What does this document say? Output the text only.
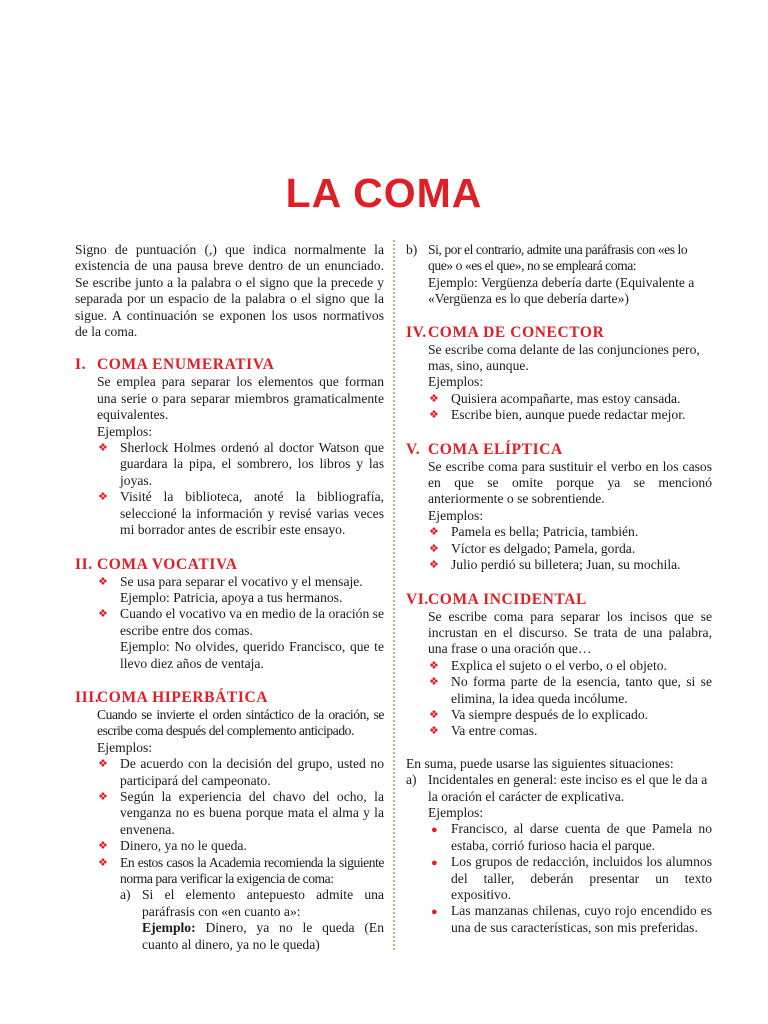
LA COMA

Signo de puntuación (,) que indica normalmente la existencia de una pausa breve dentro de un enunciado. Se escribe junto a la palabra o el signo que la precede y separada por un espacio de la palabra o el signo que la sigue. A continuación se exponen los usos normativos de la coma.

I. COMA ENUMERATIVA

Se emplea para separar los elementos que forman una serie o para separar miembros gramaticalmente equivalentes.

Ejemplos:

❖ Sherlock Holmes ordenó al doctor Watson que guardara la pipa, el sombrero, los libros y las joyas.
❖ Visité la biblioteca, anoté la bibliografía, seleccioné la información y revisé varias veces mi borrador antes de escribir este ensayo.
II. COMA VOCATIVA
❖ Se usa para separar el vocativo y el mensaje.
Ejemplo: Patricia, apoya a tus hermanos.
❖ Cuando el vocativo va en medio de la oración se escribe entre dos comas.
Ejemplo: No olvides, querido Francisco, que te llevo diez años de ventaja.
III.COMA HIPERBÁTICA

Cuando se invierte el orden sintáctico de la oración, se escribe coma después del complemento anticipado.

Ejemplos:

❖ De acuerdo con la decisión del grupo, usted no participará del campeonato.
❖ Según la experiencia del chavo del ocho, la venganza no es buena porque mata el alma y la envenena.
❖ Dinero, ya no le queda.
❖ En estos casos la Academia recomienda la siguiente norma para verificar la exigencia de coma:
a) Si el elemento antepuesto admite una paráfrasis con «en cuanto a»:
Ejemplo: Dinero, ya no le queda (En cuanto al dinero, ya no le queda)
b) Si, por el contrario, admite una paráfrasis con «es lo que» o «es el que», no se empleará coma:
Ejemplo: Vergüenza debería darte (Equivalente a «Vergüenza es lo que debería darte»)
IV.COMA DE CONECTOR

Se escribe coma delante de las conjunciones pero, mas, sino, aunque.

Ejemplos:

❖ Quisiera acompañarte, mas estoy cansada.
❖ Escribe bien, aunque puede redactar mejor.
V. COMA ELÍPTICA

Se escribe coma para sustituir el verbo en los casos en que se omite porque ya se mencionó anteriormente o se sobrentiende.

Ejemplos:

❖ Pamela es bella; Patricia, también.
❖ Víctor es delgado; Pamela, gorda.
❖ Julio perdió su billetera; Juan, su mochila.
VI.COMA INCIDENTAL

Se escribe coma para separar los incisos que se incrustan en el discurso. Se trata de una palabra, una frase o una oración que…

❖ Explica el sujeto o el verbo, o el objeto.
❖ No forma parte de la esencia, tanto que, si se elimina, la idea queda incólume.
❖ Va siempre después de lo explicado.
❖ Va entre comas.

En suma, puede usarse las siguientes situaciones:

a) Incidentales en general: este inciso es el que le da a la oración el carácter de explicativa.
Ejemplos:
● Francisco, al darse cuenta de que Pamela no estaba, corrió furioso hacia el parque.
● Los grupos de redacción, incluidos los alumnos del taller, deberán presentar un texto expositivo.
● Las manzanas chilenas, cuyo rojo encendido es una de sus características, son mis preferidas.
